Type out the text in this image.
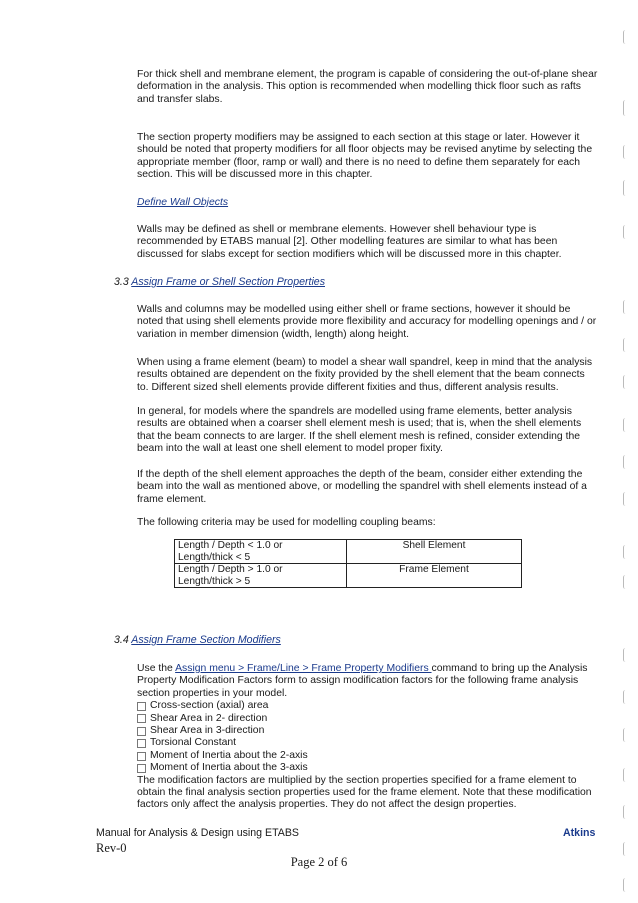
For thick shell and membrane element, the program is capable of considering the out-of-plane shear deformation in the analysis. This option is recommended when modelling thick floor such as rafts and transfer slabs.

The section property modifiers may be assigned to each section at this stage or later. However it should be noted that property modifiers for all floor objects may be revised anytime by selecting the appropriate member (floor, ramp or wall) and there is no need to define them separately for each section. This will be discussed more in this chapter.

Define Wall Objects

Walls may be defined as shell or membrane elements. However shell behaviour type is recommended by ETABS manual [2]. Other modelling features are similar to what has been discussed for slabs except for section modifiers which will be discussed more in this chapter.

3.3 Assign Frame or Shell Section Properties

Walls and columns may be modelled using either shell or frame sections, however it should be noted that using shell elements provide more flexibility and accuracy for modelling openings and / or variation in member dimension (width, length) along height.

When using a frame element (beam) to model a shear wall spandrel, keep in mind that the analysis results obtained are dependent on the fixity provided by the shell element that the beam connects to. Different sized shell elements provide different fixities and thus, different analysis results.

In general, for models where the spandrels are modelled using frame elements, better analysis results are obtained when a coarser shell element mesh is used; that is, when the shell elements that the beam connects to are larger. If the shell element mesh is refined, consider extending the beam into the wall at least one shell element to model proper fixity.

If the depth of the shell element approaches the depth of the beam, consider either extending the beam into the wall as mentioned above, or modelling the spandrel with shell elements instead of a frame element.

The following criteria may be used for modelling coupling beams:

Length / Depth < 1.0 or
Length/thick < 5	Shell Element

Length / Depth > 1.0 or
Length/thick > 5	Frame Element
3.4 Assign Frame Section Modifiers
Use the Assign menu > Frame/Line > Frame Property Modifiers command to bring up the Analysis Property Modification Factors form to assign modification factors for the following frame analysis section properties in your model.
Cross-section (axial) area
Shear Area in 2- direction
Shear Area in 3-direction
Torsional Constant
Moment of Inertia about the 2-axis
Moment of Inertia about the 3-axis
The modification factors are multiplied by the section properties specified for a frame element to obtain the final analysis section properties used for the frame element. Note that these modification factors only affect the analysis properties. They do not affect the design properties.
Manual for Analysis & Design using ETABS
Rev-0
Atkins
Page 2 of 6
